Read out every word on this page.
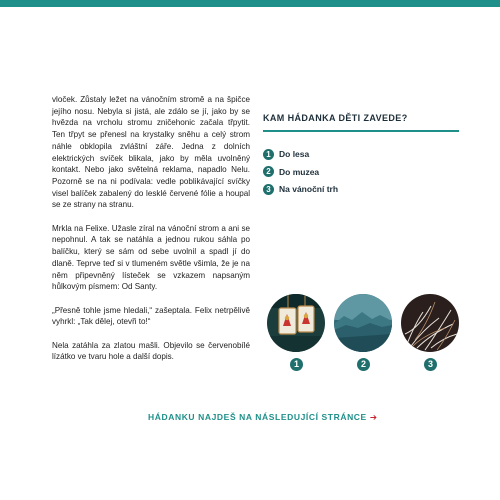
vloček. Zůstaly ležet na vánočním stromě a na špičce jejího nosu. Nebyla si jistá, ale zdálo se jí, jako by se hvězda na vrcholu stromu zničehonic začala třpytit. Ten třpyt se přenesl na krystalky sněhu a celý strom náhle obklopila zvláštní záře. Jedna z dolních elektrických svíček blikala, jako by měla uvolněný kontakt. Nebo jako světelná reklama, napadlo Nelu. Pozorně se na ni podívala: vedle poblikávající svíčky visel balíček zabalený do lesklé červené fólie a houpal se ze strany na stranu.

Mrkla na Felixe. Užasle zíral na vánoční strom a ani se nepohnul. A tak se natáhla a jednou rukou sáhla po balíčku, který se sám od sebe uvolnil a spadl jí do dlaně. Teprve teď si v tlumeném světle všimla, že je na něm připevněný lísteček se vzkazem napsaným hůlkovým písmem: Od Santy.

„Přesně tohle jsme hledali,“ zašeptala. Felix netrpělivě vyhrkl: „Tak dělej, otevři to!“

Nela zatáhla za zlatou mašli. Objevilo se červenobílé lízátko ve tvaru hole a další dopis.

KAM HÁDANKA DĚTI ZAVEDE?
1 Do lesa
2 Do muzea
3 Na vánoční trh
1	2	3
HÁDANKU NAJDEŠ NA NÁSLEDUJÍCÍ STRÁNCE ➔
